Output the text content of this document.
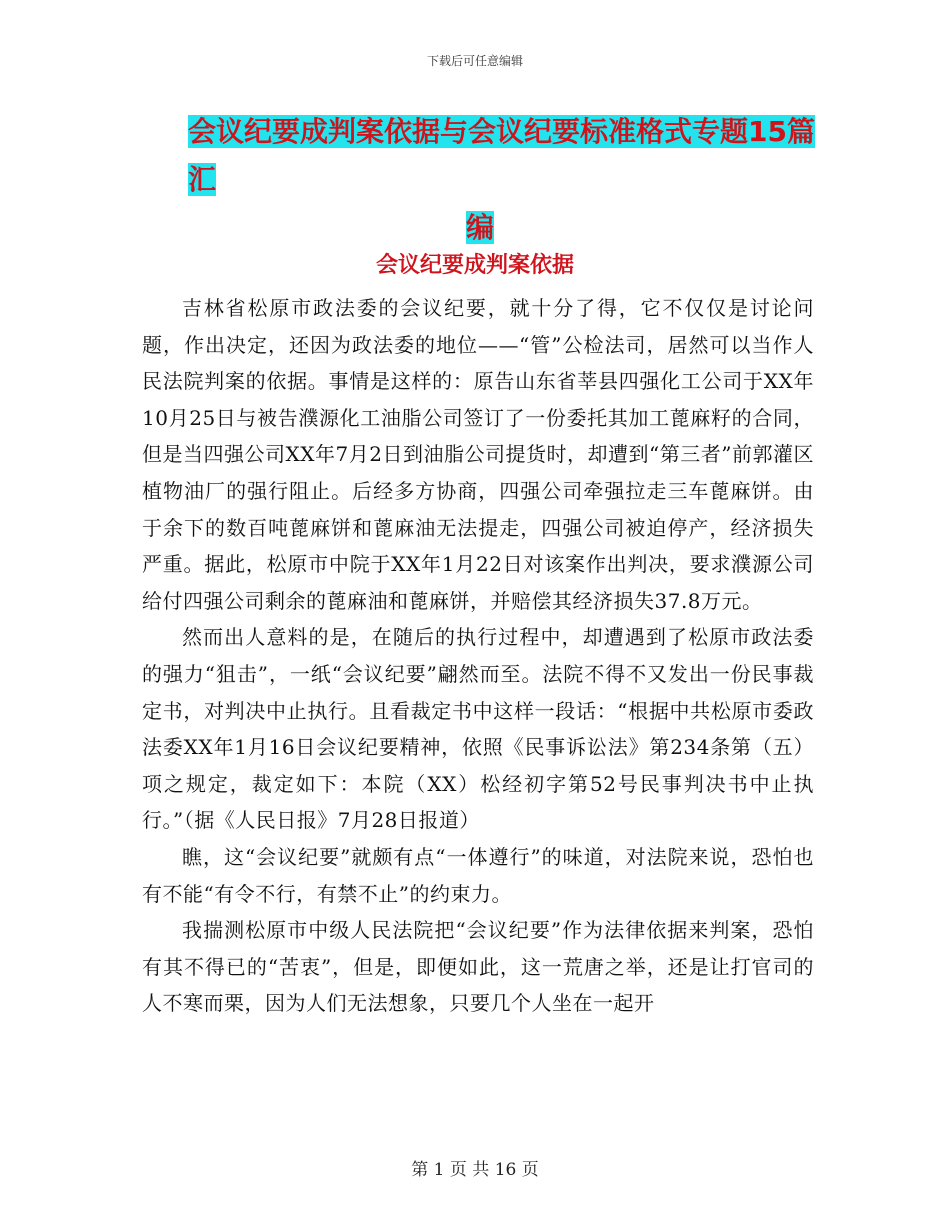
下载后可任意编辑
会议纪要成判案依据与会议纪要标准格式专题15篇汇
编
会议纪要成判案依据

吉林省松原市政法委的会议纪要，就十分了得，它不仅仅是讨论问题，作出决定，还因为政法委的地位——“管”公检法司，居然可以当作人民法院判案的依据。事情是这样的：原告山东省莘县四强化工公司于XX年10月25日与被告濮源化工油脂公司签订了一份委托其加工蓖麻籽的合同，但是当四强公司XX年7月2日到油脂公司提货时，却遭到“第三者”前郭灌区植物油厂的强行阻止。后经多方协商，四强公司牵强拉走三车蓖麻饼。由于余下的数百吨蓖麻饼和蓖麻油无法提走，四强公司被迫停产，经济损失严重。据此，松原市中院于XX年1月22日对该案作出判决，要求濮源公司给付四强公司剩余的蓖麻油和蓖麻饼，并赔偿其经济损失37.8万元。

然而出人意料的是，在随后的执行过程中，却遭遇到了松原市政法委的强力“狙击”，一纸“会议纪要”翩然而至。法院不得不又发出一份民事裁定书，对判决中止执行。且看裁定书中这样一段话：“根据中共松原市委政法委XX年1月16日会议纪要精神，依照《民事诉讼法》第234条第（五）项之规定，裁定如下：本院（XX）松经初字第52号民事判决书中止执行。”（据《人民日报》7月28日报道）

瞧，这“会议纪要”就颇有点“一体遵行”的味道，对法院来说，恐怕也有不能“有令不行，有禁不止”的约束力。

我揣测松原市中级人民法院把“会议纪要”作为法律依据来判案，恐怕有其不得已的“苦衷”，但是，即便如此，这一荒唐之举，还是让打官司的人不寒而栗，因为人们无法想象，只要几个人坐在一起开

第 1 页 共 16 页
